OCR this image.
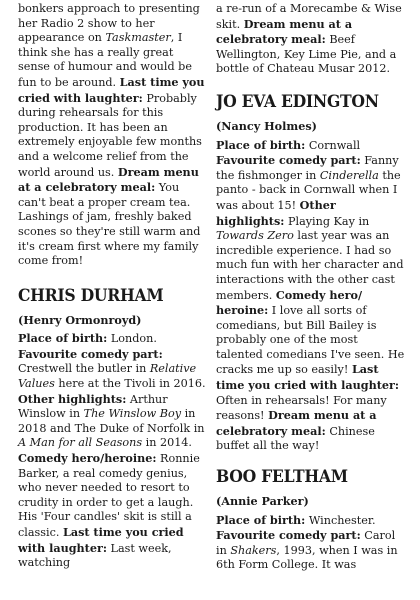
bonkers approach to presenting her Radio 2 show to her appearance on Taskmaster, I think she has a really great sense of humour and would be fun to be around. Last time you cried with laughter: Probably during rehearsals for this production. It has been an extremely enjoyable few months and a welcome relief from the world around us. Dream menu at a celebratory meal: You can't beat a proper cream tea. Lashings of jam, freshly baked scones so they're still warm and it's cream first where my family come from!

CHRIS DURHAM
(Henry Ormonroyd)

Place of birth: London. Favourite comedy part: Crestwell the butler in Relative Values here at the Tivoli in 2016. Other highlights: Arthur Winslow in The Winslow Boy in 2018 and The Duke of Norfolk in A Man for all Seasons in 2014. Comedy hero/heroine: Ronnie Barker, a real comedy genius, who never needed to resort to crudity in order to get a laugh. His 'Four candles' skit is still a classic. Last time you cried with laughter: Last week, watching

a re-run of a Morecambe & Wise skit. Dream menu at a celebratory meal: Beef Wellington, Key Lime Pie, and a bottle of Chateau Musar 2012.

JO EVA EDINGTON
(Nancy Holmes)

Place of birth: Cornwall Favourite comedy part: Fanny the fishmonger in Cinderella the panto - back in Cornwall when I was about 15! Other highlights: Playing Kay in Towards Zero last year was an incredible experience. I had so much fun with her character and interactions with the other cast members. Comedy hero/ heroine: I love all sorts of comedians, but Bill Bailey is probably one of the most talented comedians I've seen. He cracks me up so easily! Last time you cried with laughter: Often in rehearsals! For many reasons! Dream menu at a celebratory meal: Chinese buffet all the way!

BOO FELTHAM
(Annie Parker)

Place of birth: Winchester. Favourite comedy part: Carol in Shakers, 1993, when I was in 6th Form College. It was
